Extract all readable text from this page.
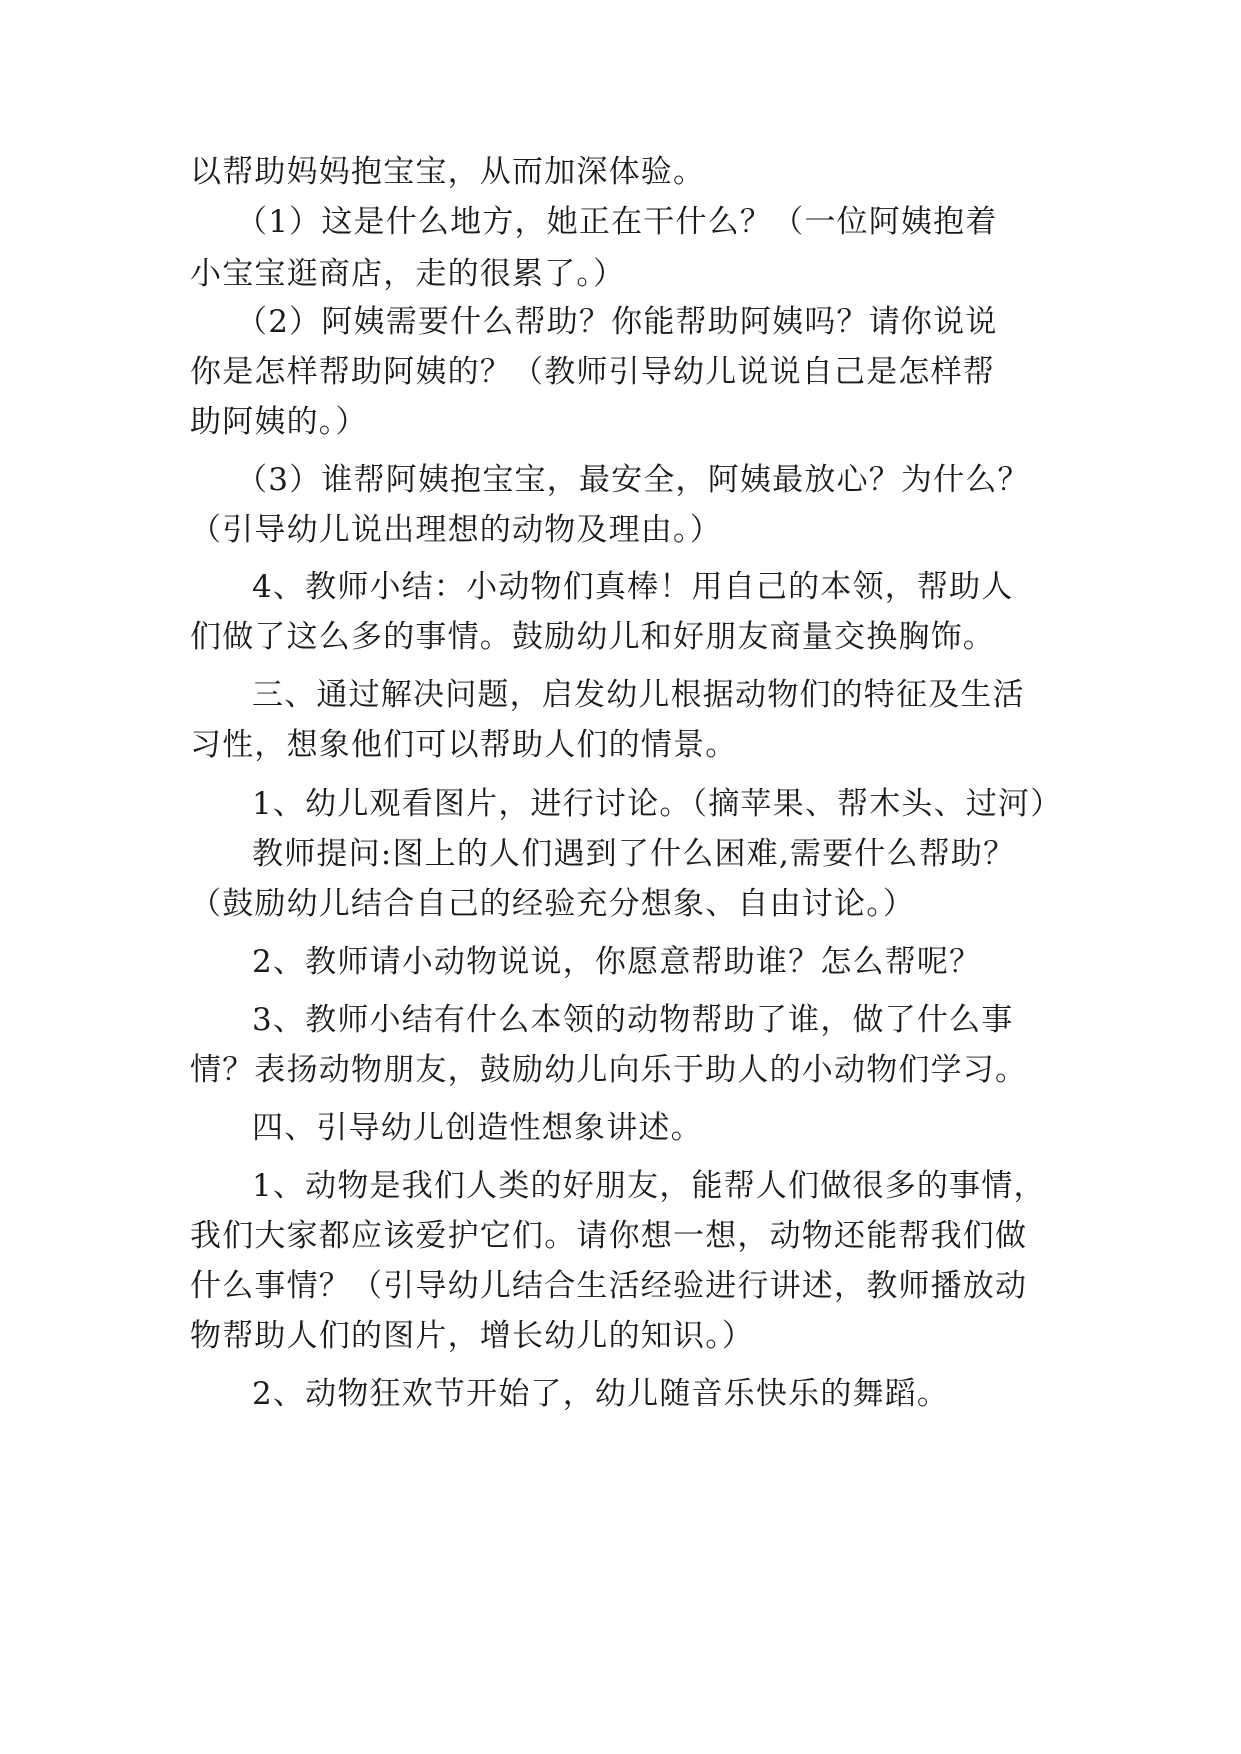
以帮助妈妈抱宝宝，从而加深体验。
（1）这是什么地方，她正在干什么？（一位阿姨抱着
小宝宝逛商店，走的很累了。）
（2）阿姨需要什么帮助？你能帮助阿姨吗？请你说说
你是怎样帮助阿姨的？（教师引导幼儿说说自己是怎样帮
助阿姨的。）
（3）谁帮阿姨抱宝宝，最安全，阿姨最放心？为什么？
（引导幼儿说出理想的动物及理由。）
4、教师小结：小动物们真棒！用自己的本领，帮助人
们做了这么多的事情。鼓励幼儿和好朋友商量交换胸饰。
三、通过解决问题，启发幼儿根据动物们的特征及生活
习性，想象他们可以帮助人们的情景。
1、幼儿观看图片，进行讨论。（摘苹果、帮木头、过河）
教师提问:图上的人们遇到了什么困难,需要什么帮助？
（鼓励幼儿结合自己的经验充分想象、自由讨论。）
2、教师请小动物说说，你愿意帮助谁？怎么帮呢？
3、教师小结有什么本领的动物帮助了谁，做了什么事
情？表扬动物朋友，鼓励幼儿向乐于助人的小动物们学习。
四、引导幼儿创造性想象讲述。
1、动物是我们人类的好朋友，能帮人们做很多的事情，
我们大家都应该爱护它们。请你想一想，动物还能帮我们做
什么事情？（引导幼儿结合生活经验进行讲述，教师播放动
物帮助人们的图片，增长幼儿的知识。）
2、动物狂欢节开始了，幼儿随音乐快乐的舞蹈。
